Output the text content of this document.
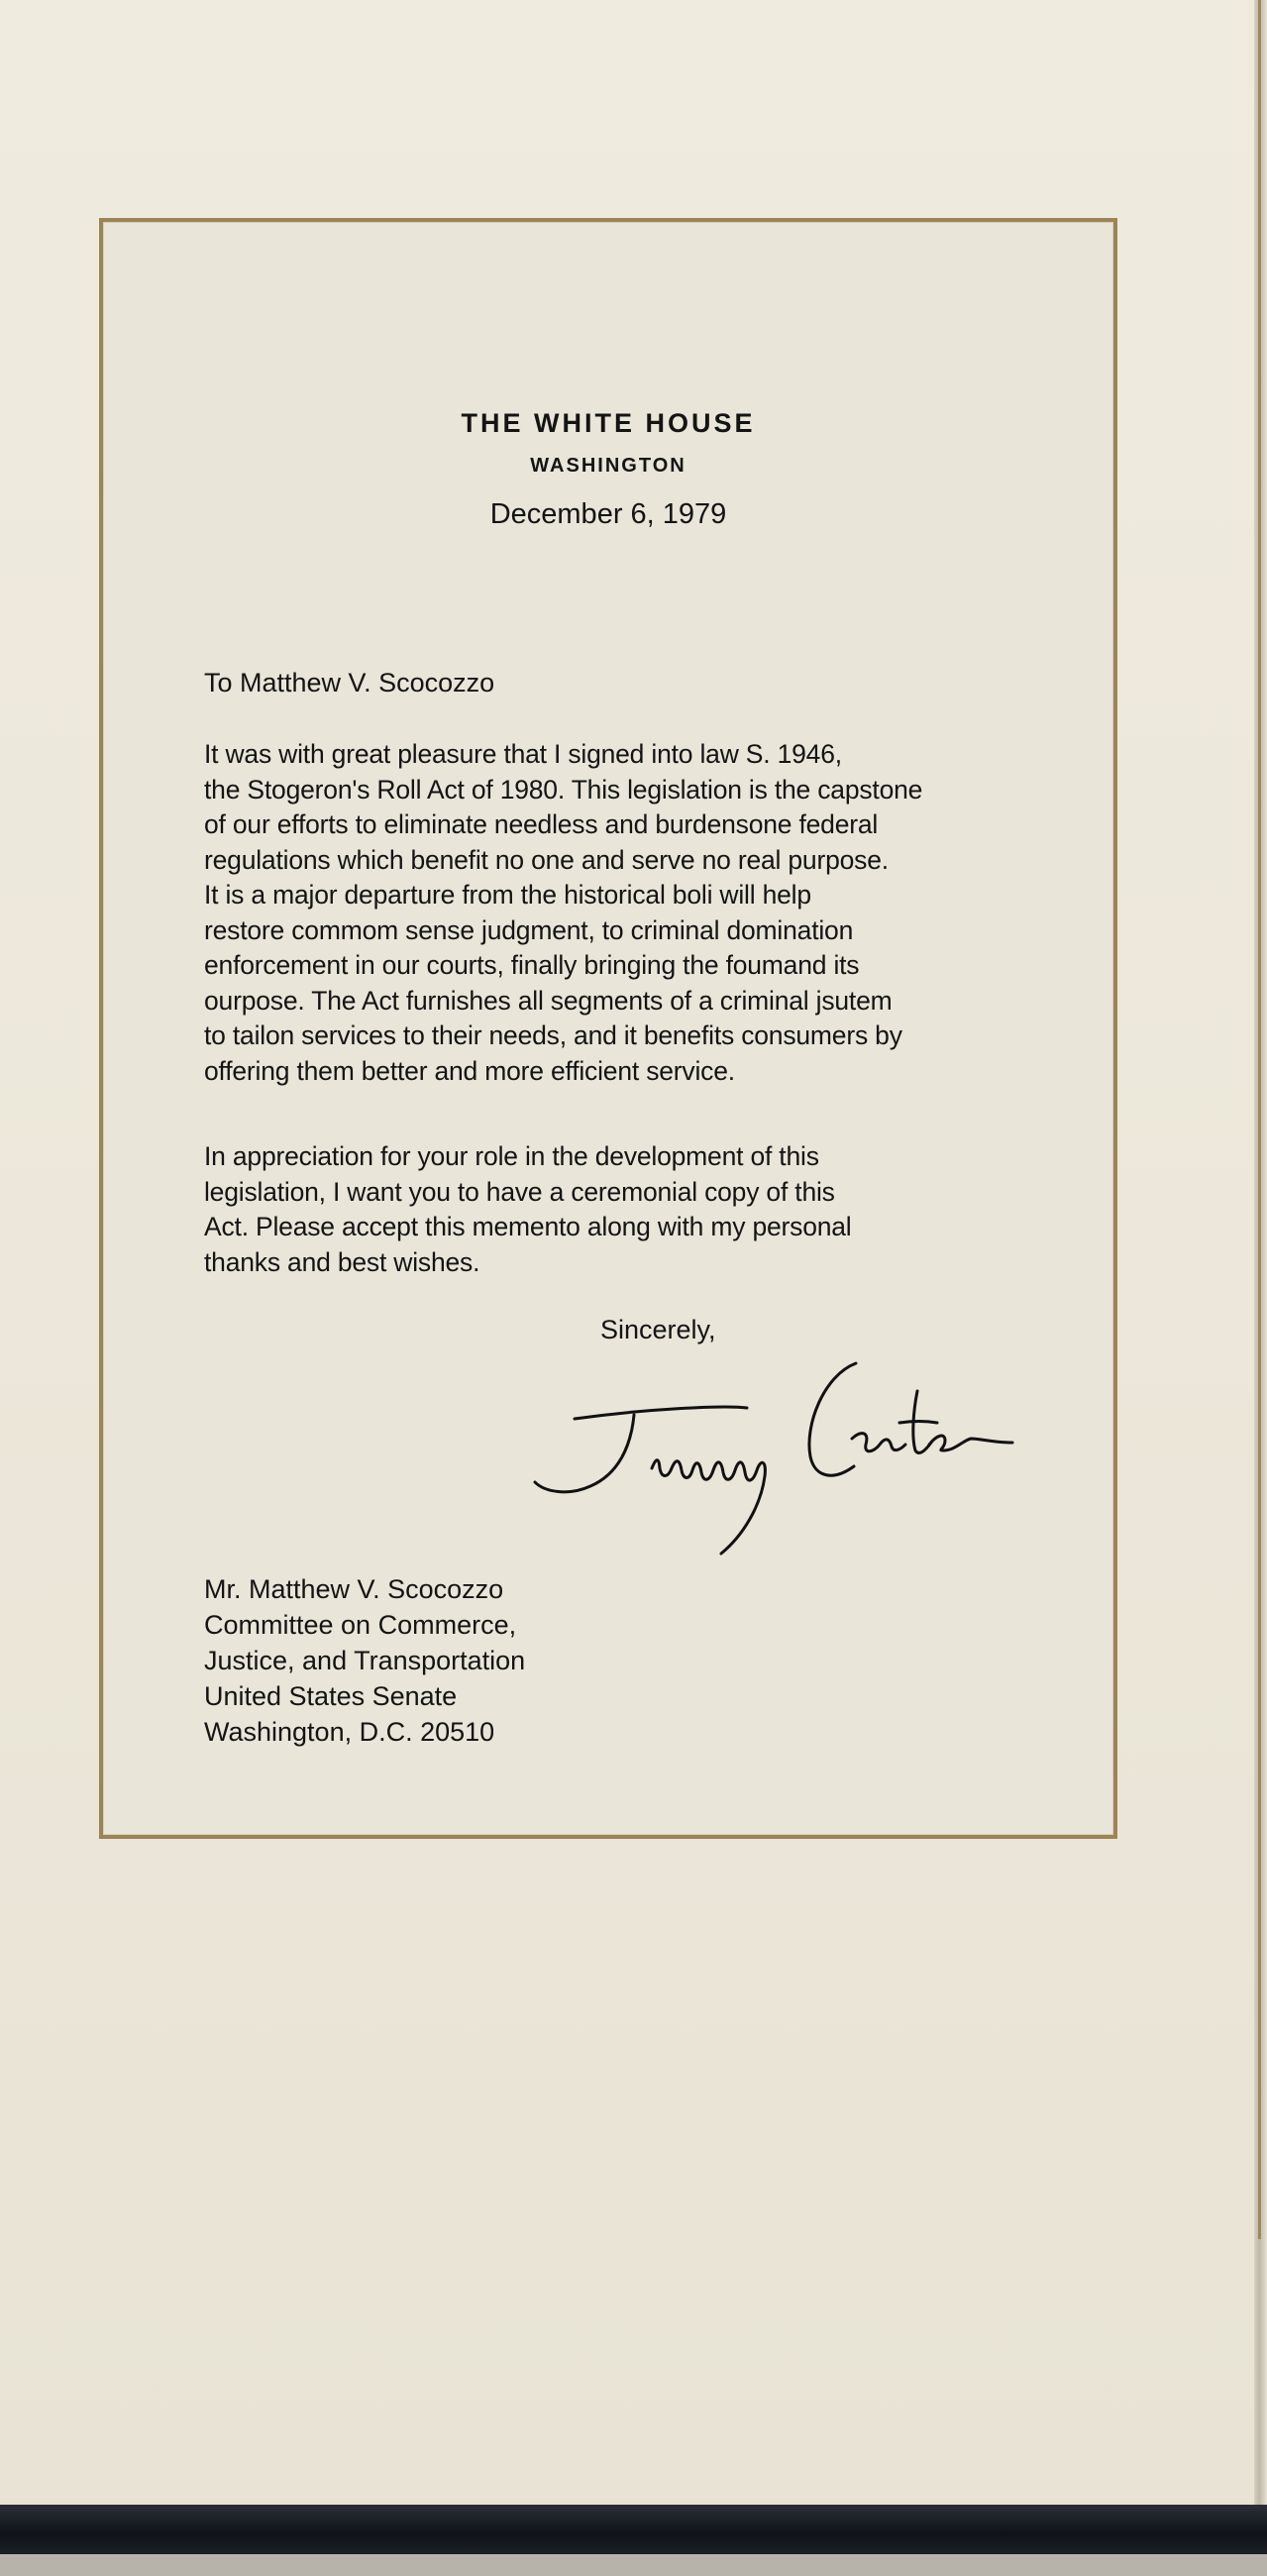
THE WHITE HOUSE
WASHINGTON
December 6, 1979
To Matthew V. Scocozzo

It was with great pleasure that I signed into law S. 1946,
the Stogeron's Roll Act of 1980. This legislation is the capstone
of our efforts to eliminate needless and burdensone federal
regulations which benefit no one and serve no real purpose.
It is a major departure from the historical boli will help
restore commom sense judgment, to criminal domination
enforcement in our courts, finally bringing the foumand its
ourpose. The Act furnishes all segments of a criminal jsutem
to tailon services to their needs, and it benefits consumers by
offering them better and more efficient service.

In appreciation for your role in the development of this
legislation, I want you to have a ceremonial copy of this
Act. Please accept this memento along with my personal
thanks and best wishes.

Sincerely,
Mr. Matthew V. Scocozzo
Committee on Commerce,
Justice, and Transportation
United States Senate
Washington, D.C. 20510
